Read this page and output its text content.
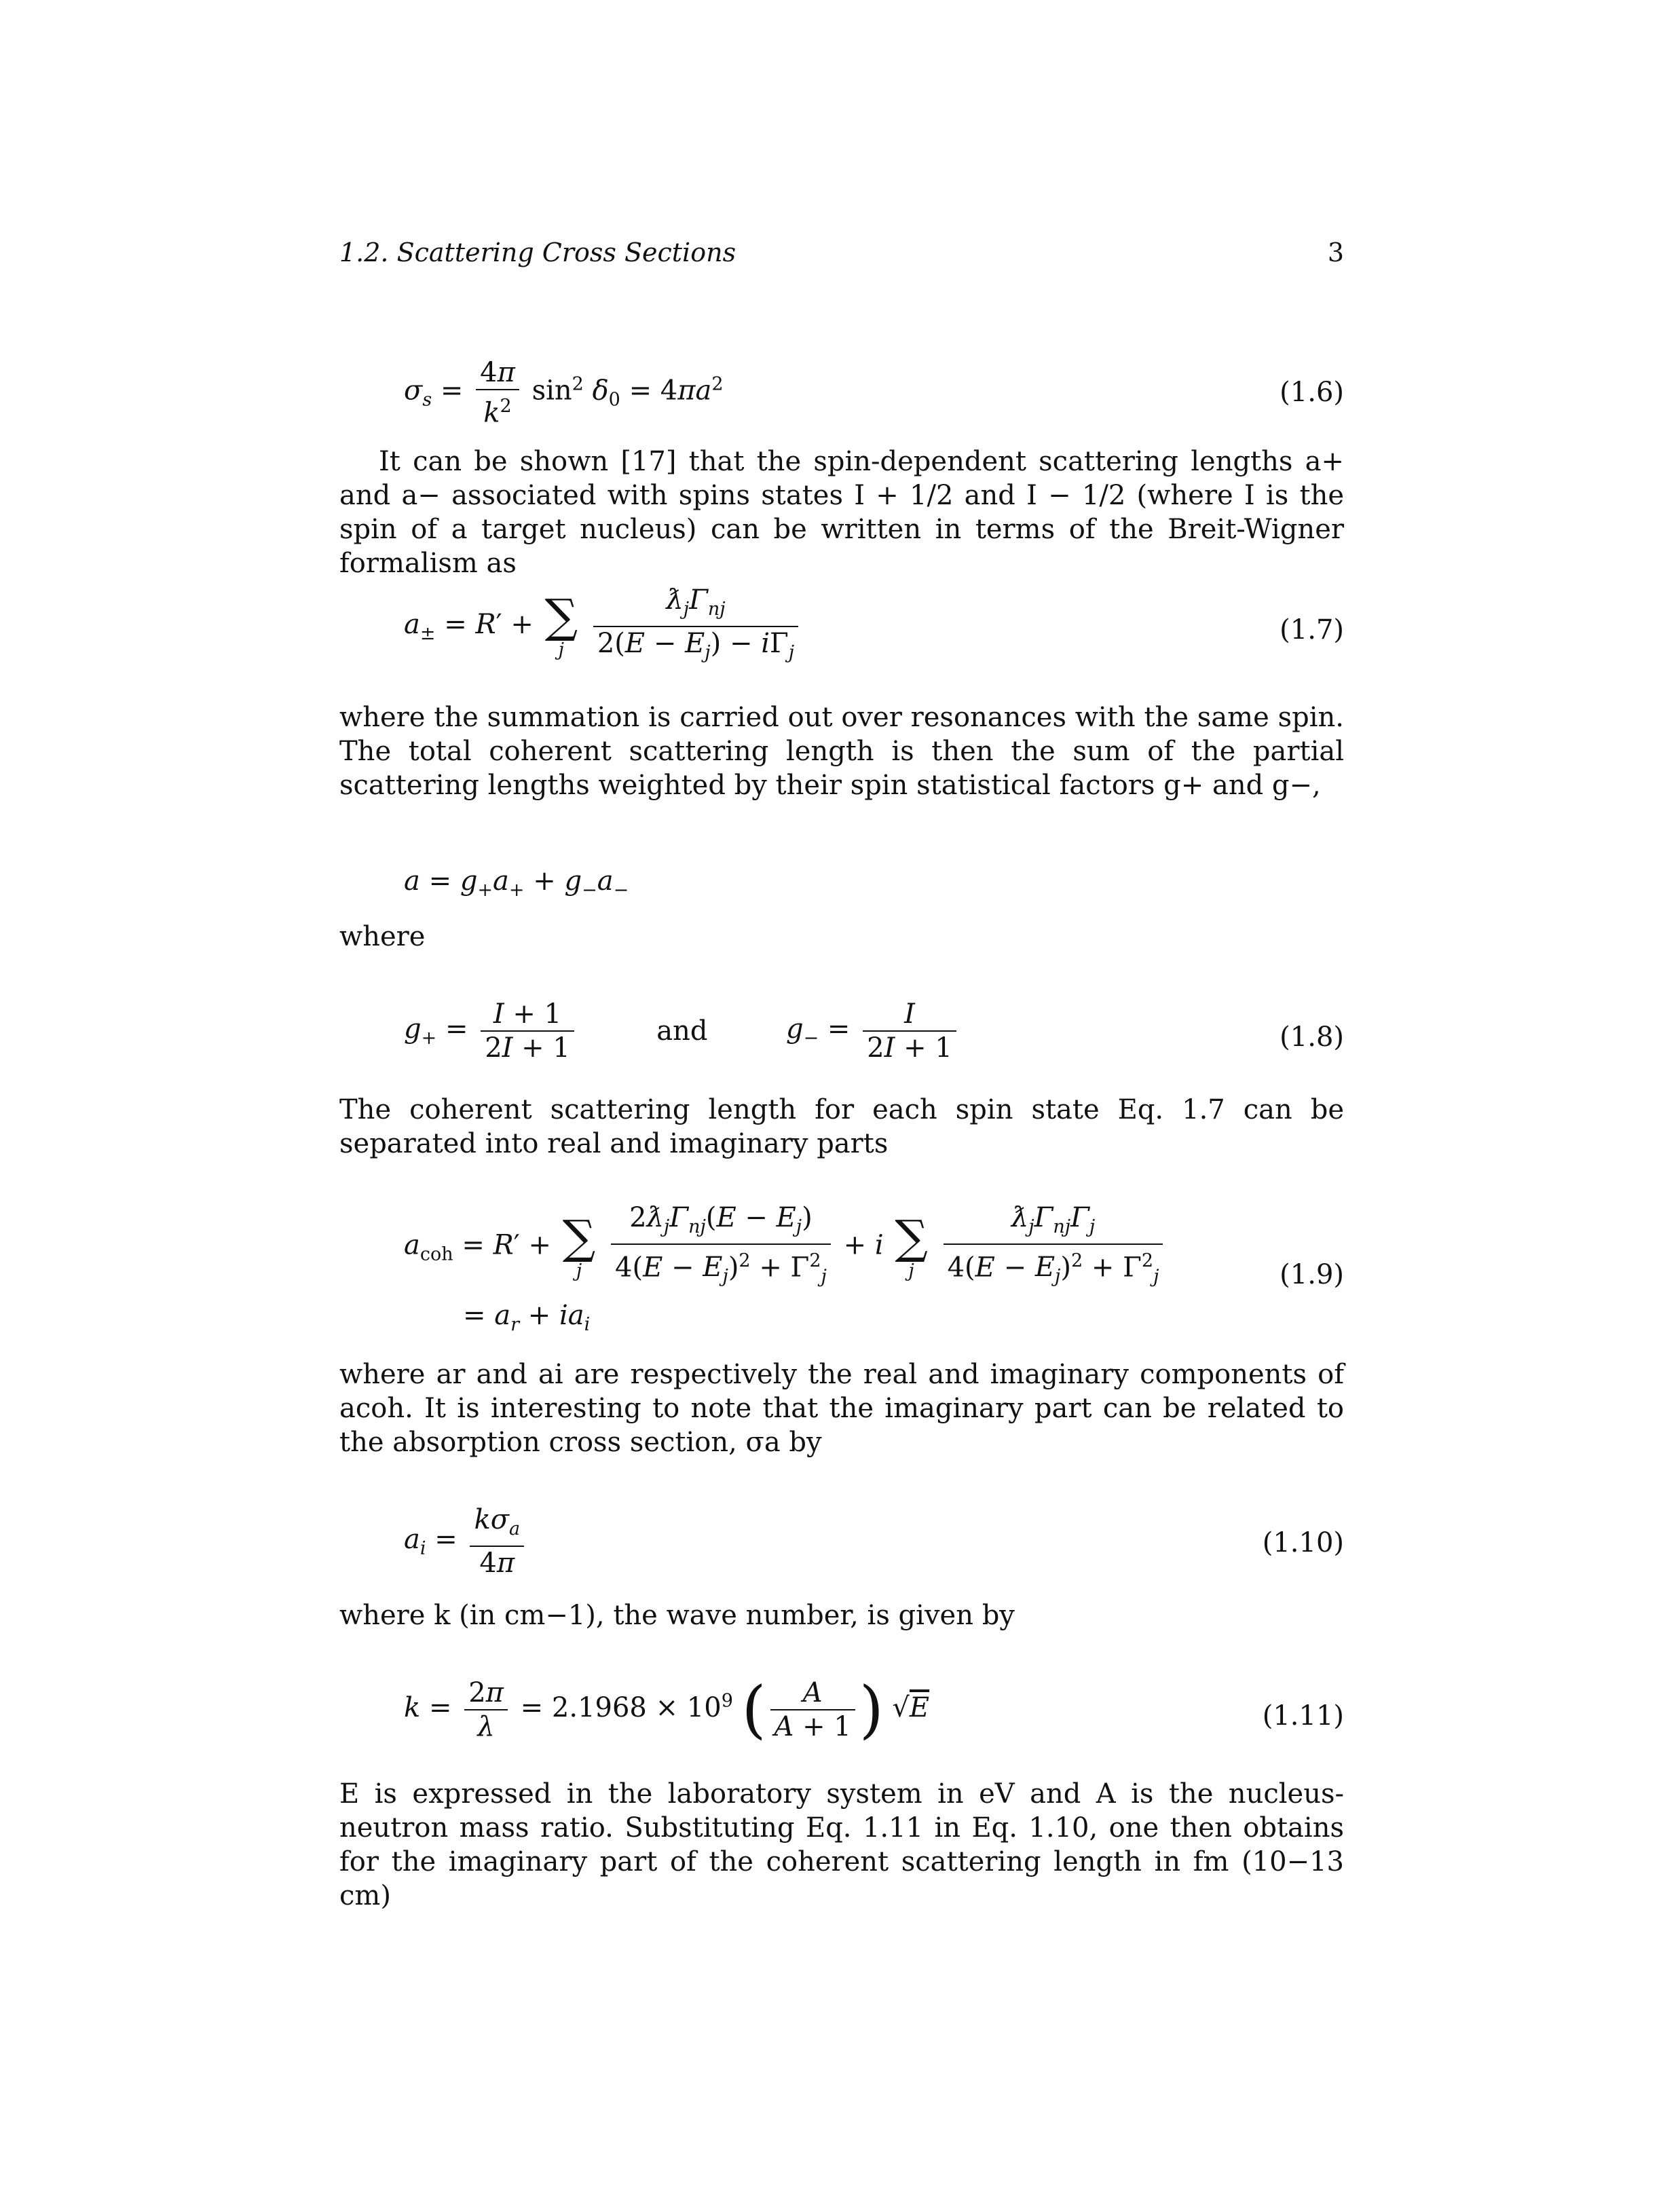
1.2. Scattering Cross Sections	3
$\sigma_s = \frac{4\pi}{k^2} \sin^2 \delta_0 = 4\pi a^2$	(1.6)
It can be shown [17] that the spin-dependent scattering lengths a+ and a− associated with spins states I + 1/2 and I − 1/2 (where I is the spin of a target nucleus) can be written in terms of the Breit-Wigner formalism as
$a_\pm = R'$ + ∑
j
	$\frac{ƛ_j\Gamma_{nj}}{2(E - E_j) - i\Gamma_j}$	(1.7)
where the summation is carried out over resonances with the same spin. The total coherent scattering length is then the sum of the partial scattering lengths weighted by their spin statistical factors g+ and g−,
$a = g_+a_+ + g_-a_-$
where
$g_+ = \frac{I + 1}{2I + 1}$	and	$g_- = \frac{I}{2I + 1}$	(1.8)
The coherent scattering length for each spin state Eq. 1.7 can be separated into real and imaginary parts
$a_{coh} = R'$ + ∑
j
	$\frac{2ƛ_j\Gamma_{nj}(E - E_j)}{4(E - E_j)^2 + \Gamma^2_j} + i$ ∑
j
	$\frac{ƛ_j\Gamma_{nj}\Gamma_j}{4(E - E_j)^2 + \Gamma^2_j}$
= $a_r + ia_i$
(1.9)
where ar and ai are respectively the real and imaginary components of acoh. It is interesting to note that the imaginary part can be related to the absorption cross section, σa by
$a_i = \frac{k\sigma_a}{4\pi}$	(1.10)
where k (in cm−1), the wave number, is given by
$k = \frac{2\pi}{\lambda} = 2.1968 \times 10^9$ ( $\frac{A}{A + 1}$ ) √E	(1.11)
E is expressed in the laboratory system in eV and A is the nucleus-neutron mass ratio. Substituting Eq. 1.11 in Eq. 1.10, one then obtains for the imaginary part of the coherent scattering length in fm (10−13 cm)
